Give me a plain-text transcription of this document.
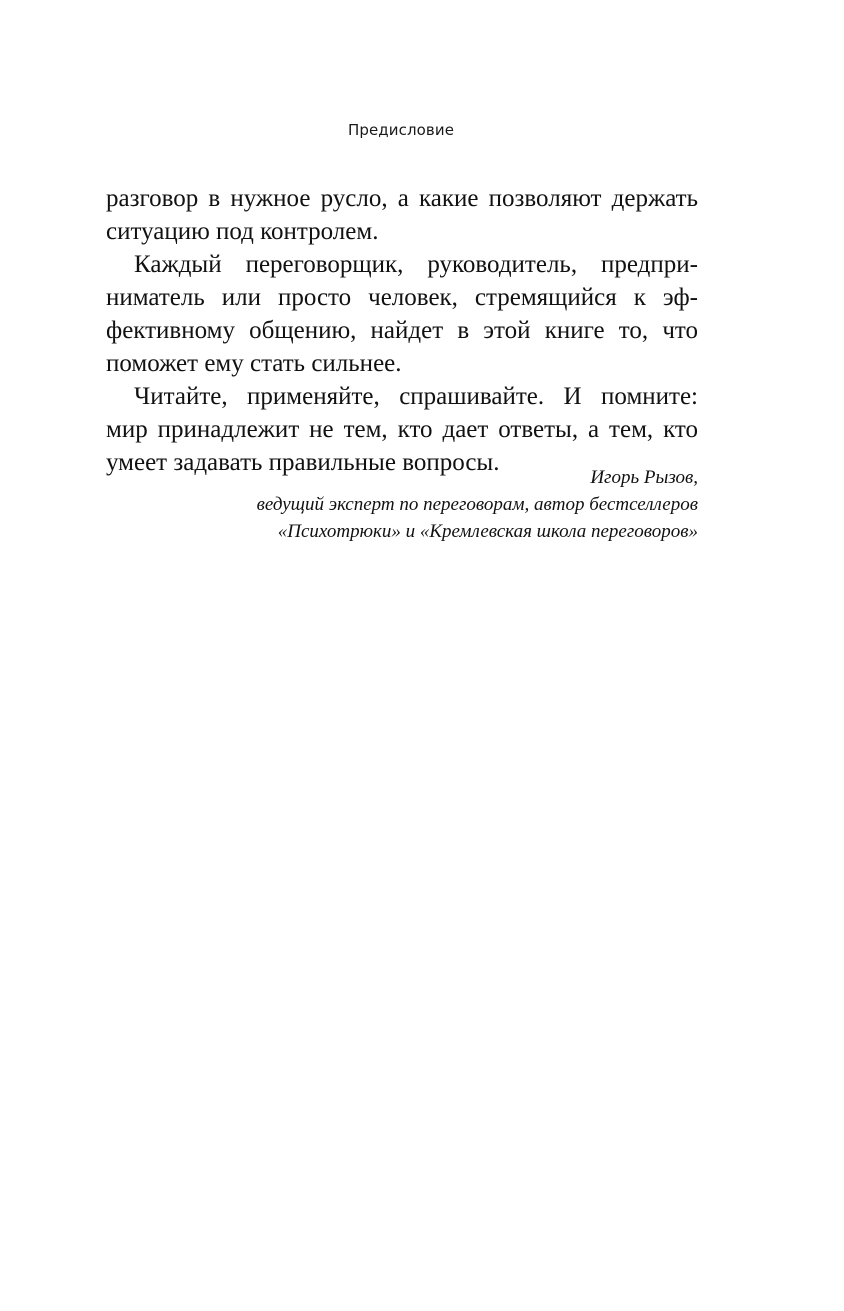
Предисловие
разговор в нужное русло, а какие позволяют держать
ситуацию под контролем.
Каждый переговорщик, руководитель, предпри-
ниматель или просто человек, стремящийся к эф-
фективному общению, найдет в этой книге то, что
поможет ему стать сильнее.
Читайте, применяйте, спрашивайте. И помните:
мир принадлежит не тем, кто дает ответы, а тем, кто
умеет задавать правильные вопросы.
Игорь Рызов,
ведущий эксперт по переговорам, автор бестселлеров
«Психотрюки» и «Кремлевская школа переговоров»
